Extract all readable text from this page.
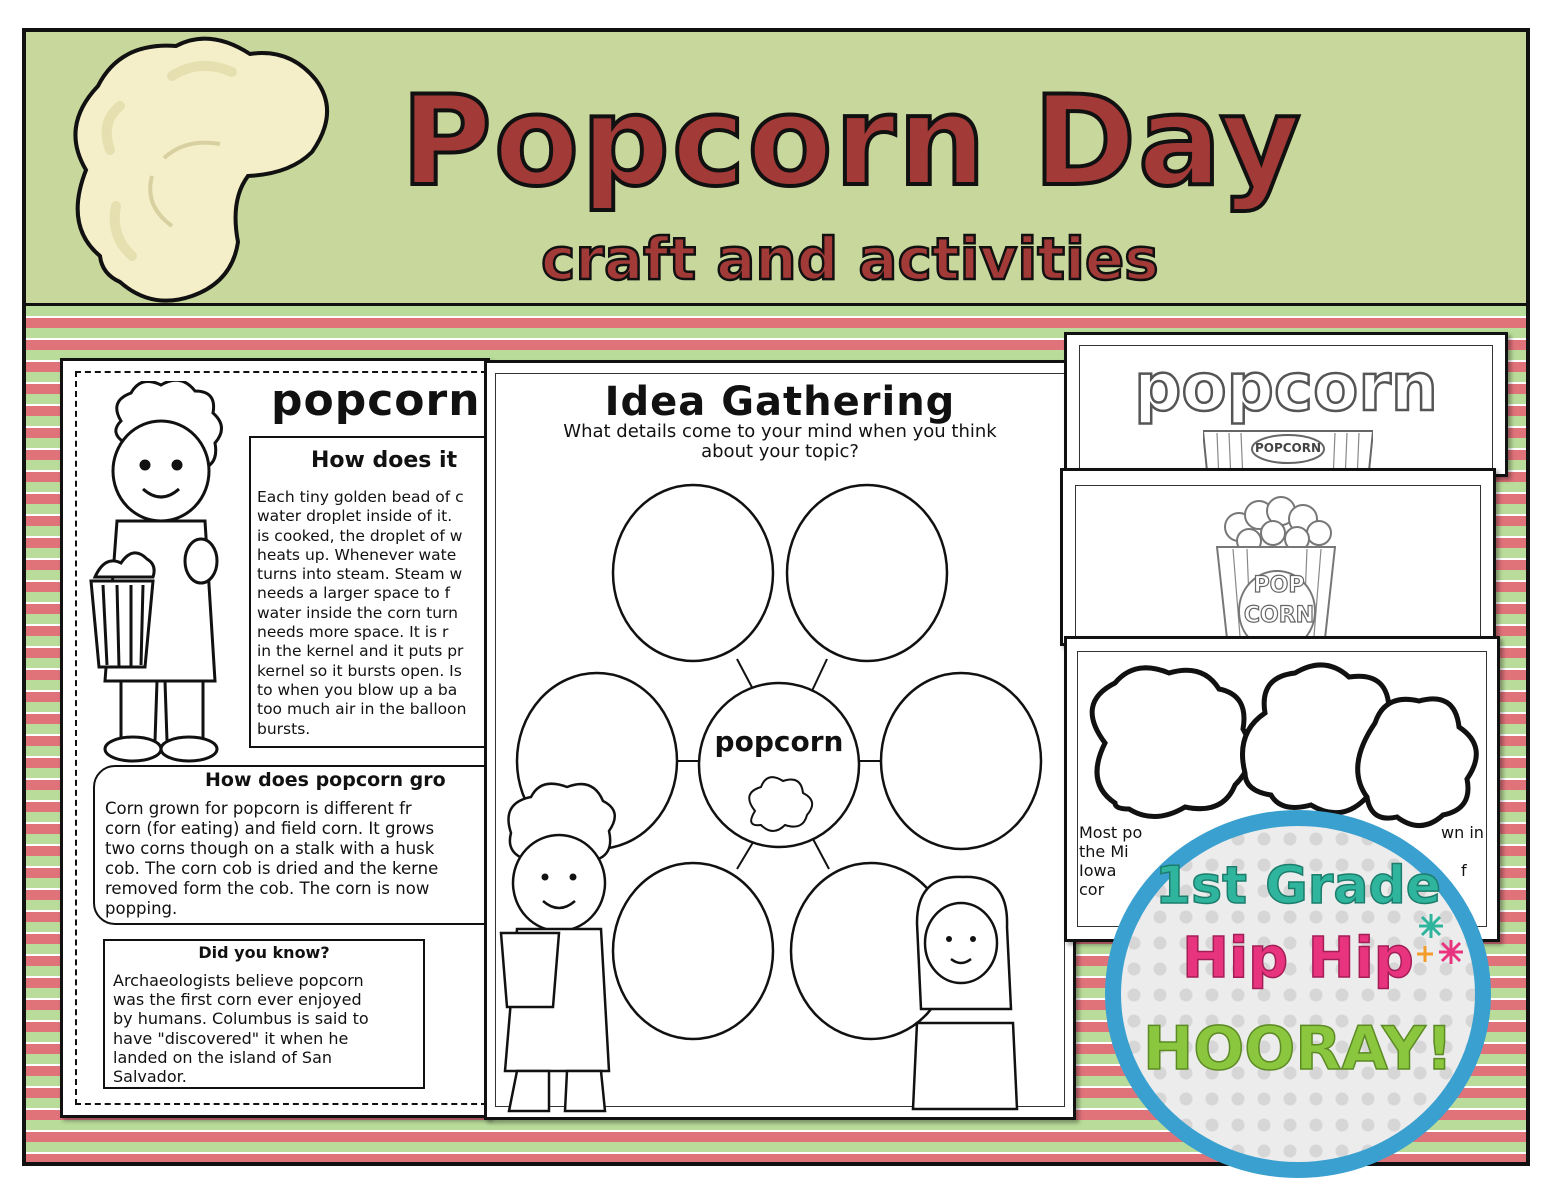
Popcorn Day
craft and activities
popcorn
How does it
Each tiny golden bead of c
water droplet inside of it.
is cooked, the droplet of w
heats up. Whenever wate
turns into steam. Steam w
needs a larger space to f
water inside the corn turn
needs more space. It is r
in the kernel and it puts pr
kernel so it bursts open. Is
to when you blow up a ba
too much air in the balloon
bursts.
How does popcorn gro
Corn grown for popcorn is different fr
corn (for eating) and field corn. It grows
two corns though on a stalk with a husk
cob. The corn cob is dried and the kerne
removed form the cob. The corn is now
popping.
Did you know?
Archaeologists believe popcorn
was the first corn ever enjoyed
by humans. Columbus is said to
have "discovered" it when he
landed on the island of San
Salvador.
Idea Gathering
What details come to your mind when you think
about your topic?
popcorn
popcorn
POPCORN
POP
CORN
Most po	wn in
the Mi
Iowa	f
cor 1st Grade
Hip Hip
HOORAY!
